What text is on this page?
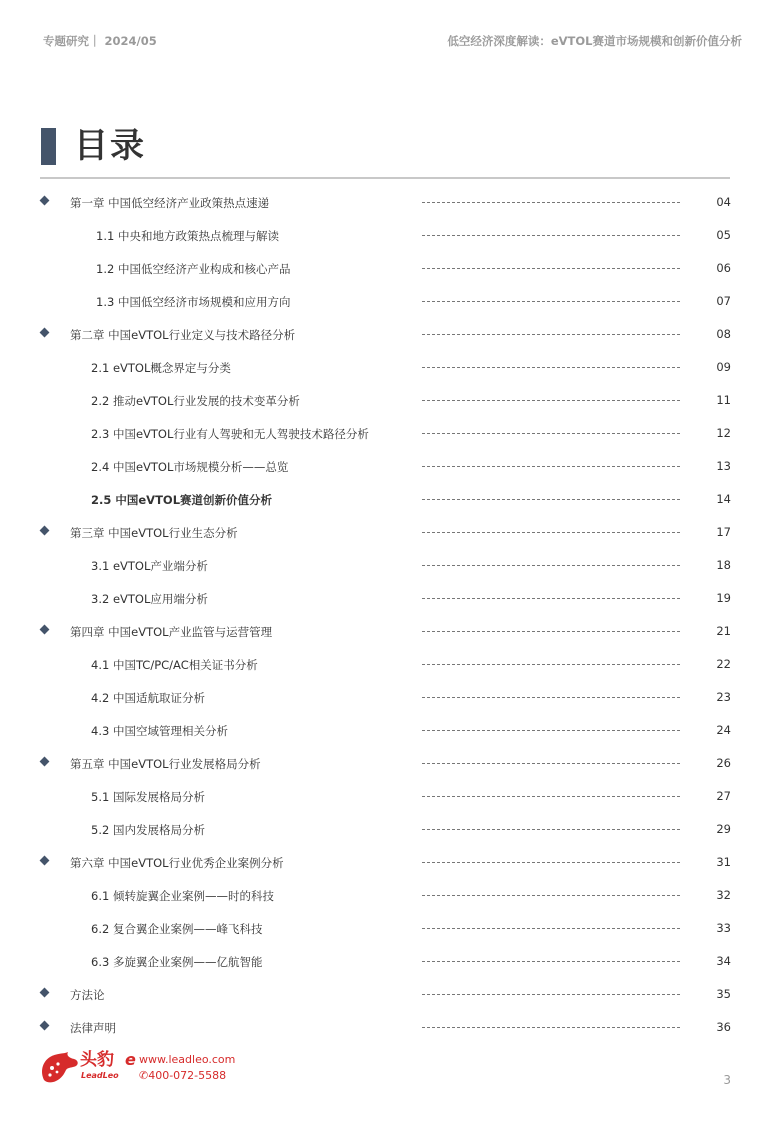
专题研究｜ 2024/05	低空经济深度解读：eVTOL赛道市场规模和创新价值分析
目录
第一章 中国低空经济产业政策热点速递	04
1.1 中央和地方政策热点梳理与解读	05
1.2 中国低空经济产业构成和核心产品	06
1.3 中国低空经济市场规模和应用方向	07
第二章 中国eVTOL行业定义与技术路径分析	08
2.1 eVTOL概念界定与分类	09
2.2 推动eVTOL行业发展的技术变革分析	11
2.3 中国eVTOL行业有人驾驶和无人驾驶技术路径分析	12
2.4 中国eVTOL市场规模分析——总览	13
2.5 中国eVTOL赛道创新价值分析	14
第三章 中国eVTOL行业生态分析	17
3.1 eVTOL产业端分析	18
3.2 eVTOL应用端分析	19
第四章 中国eVTOL产业监管与运营管理	21
4.1 中国TC/PC/AC相关证书分析	22
4.2 中国适航取证分析	23
4.3 中国空域管理相关分析	24
第五章 中国eVTOL行业发展格局分析	26
5.1 国际发展格局分析	27
5.2 国内发展格局分析	29
第六章 中国eVTOL行业优秀企业案例分析	31
6.1 倾转旋翼企业案例——时的科技	32
6.2 复合翼企业案例——峰飞科技	33
6.3 多旋翼企业案例——亿航智能	34
方法论	35
法律声明	36
头豹
LeadLeo
e www.leadleo.com
✆400-072-5588	3
